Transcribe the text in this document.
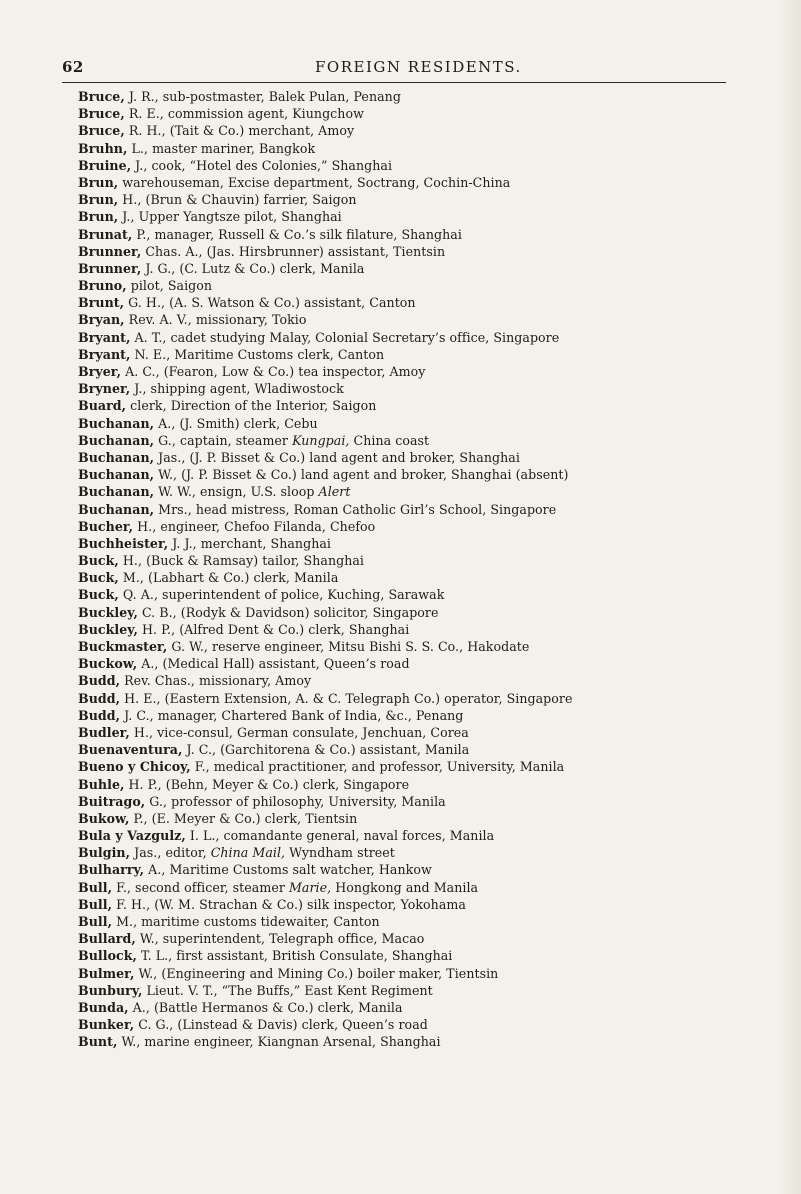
62	FOREIGN RESIDENTS.
Bruce, J. R., sub-postmaster, Balek Pulan, Penang
Bruce, R. E., commission agent, Kiungchow
Bruce, R. H., (Tait & Co.) merchant, Amoy
Bruhn, L., master mariner, Bangkok
Bruine, J., cook, “Hotel des Colonies,” Shanghai
Brun, warehouseman, Excise department, Soctrang, Cochin-China
Brun, H., (Brun & Chauvin) farrier, Saigon
Brun, J., Upper Yangtsze pilot, Shanghai
Brunat, P., manager, Russell & Co.’s silk filature, Shanghai
Brunner, Chas. A., (Jas. Hirsbrunner) assistant, Tientsin
Brunner, J. G., (C. Lutz & Co.) clerk, Manila
Bruno, pilot, Saigon
Brunt, G. H., (A. S. Watson & Co.) assistant, Canton
Bryan, Rev. A. V., missionary, Tokio
Bryant, A. T., cadet studying Malay, Colonial Secretary’s office, Singapore
Bryant, N. E., Maritime Customs clerk, Canton
Bryer, A. C., (Fearon, Low & Co.) tea inspector, Amoy
Bryner, J., shipping agent, Wladiwostock
Buard, clerk, Direction of the Interior, Saigon
Buchanan, A., (J. Smith) clerk, Cebu
Buchanan, G., captain, steamer Kungpai, China coast
Buchanan, Jas., (J. P. Bisset & Co.) land agent and broker, Shanghai
Buchanan, W., (J. P. Bisset & Co.) land agent and broker, Shanghai (absent)
Buchanan, W. W., ensign, U.S. sloop Alert
Buchanan, Mrs., head mistress, Roman Catholic Girl’s School, Singapore
Bucher, H., engineer, Chefoo Filanda, Chefoo
Buchheister, J. J., merchant, Shanghai
Buck, H., (Buck & Ramsay) tailor, Shanghai
Buck, M., (Labhart & Co.) clerk, Manila
Buck, Q. A., superintendent of police, Kuching, Sarawak
Buckley, C. B., (Rodyk & Davidson) solicitor, Singapore
Buckley, H. P., (Alfred Dent & Co.) clerk, Shanghai
Buckmaster, G. W., reserve engineer, Mitsu Bishi S. S. Co., Hakodate
Buckow, A., (Medical Hall) assistant, Queen’s road
Budd, Rev. Chas., missionary, Amoy
Budd, H. E., (Eastern Extension, A. & C. Telegraph Co.) operator, Singapore
Budd, J. C., manager, Chartered Bank of India, &c., Penang
Budler, H., vice-consul, German consulate, Jenchuan, Corea
Buenaventura, J. C., (Garchitorena & Co.) assistant, Manila
Bueno y Chicoy, F., medical practitioner, and professor, University, Manila
Buhle, H. P., (Behn, Meyer & Co.) clerk, Singapore
Buitrago, G., professor of philosophy, University, Manila
Bukow, P., (E. Meyer & Co.) clerk, Tientsin
Bula y Vazgulz, I. L., comandante general, naval forces, Manila
Bulgin, Jas., editor, China Mail, Wyndham street
Bulharry, A., Maritime Customs salt watcher, Hankow
Bull, F., second officer, steamer Marie, Hongkong and Manila
Bull, F. H., (W. M. Strachan & Co.) silk inspector, Yokohama
Bull, M., maritime customs tidewaiter, Canton
Bullard, W., superintendent, Telegraph office, Macao
Bullock, T. L., first assistant, British Consulate, Shanghai
Bulmer, W., (Engineering and Mining Co.) boiler maker, Tientsin
Bunbury, Lieut. V. T., “The Buffs,” East Kent Regiment
Bunda, A., (Battle Hermanos & Co.) clerk, Manila
Bunker, C. G., (Linstead & Davis) clerk, Queen’s road
Bunt, W., marine engineer, Kiangnan Arsenal, Shanghai
